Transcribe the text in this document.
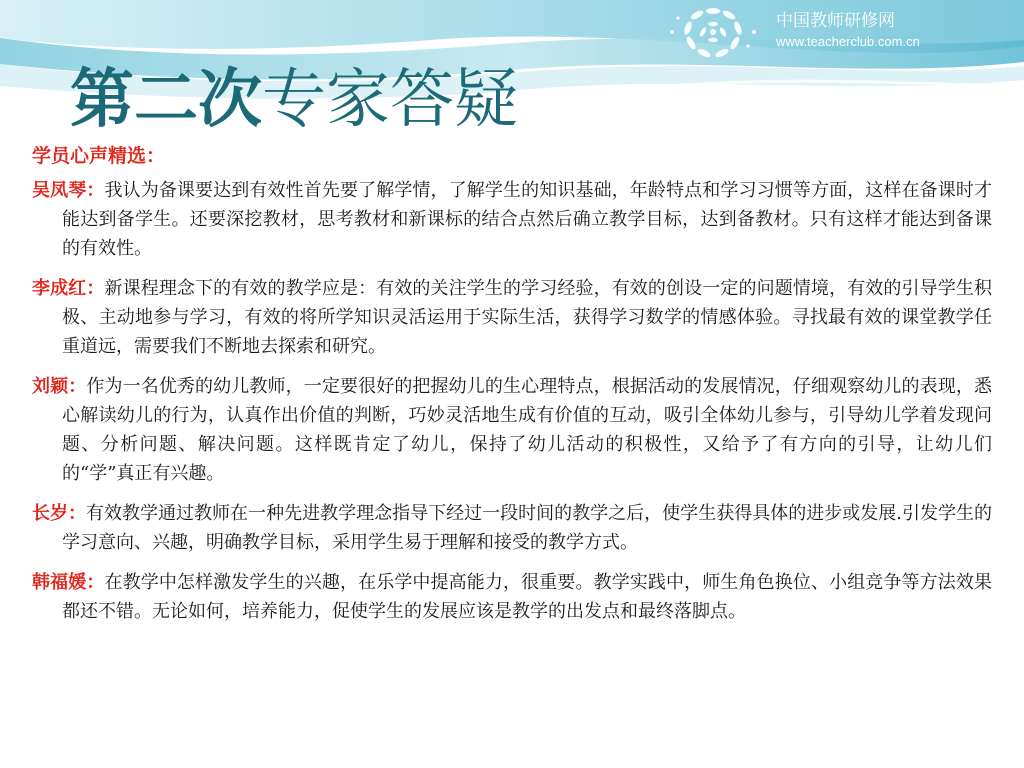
中国教师研修网
www.teacherclub.com.cn
第二次专家答疑

学员心声精选：

吴凤琴：我认为备课要达到有效性首先要了解学情，了解学生的知识基础，年龄特点和学习习惯等方面，这样在备课时才能达到备学生。还要深挖教材，思考教材和新课标的结合点然后确立教学目标，达到备教材。只有这样才能达到备课的有效性。

李成红：新课程理念下的有效的教学应是：有效的关注学生的学习经验，有效的创设一定的问题情境，有效的引导学生积极、主动地参与学习，有效的将所学知识灵活运用于实际生活，获得学习数学的情感体验。寻找最有效的课堂教学任重道远，需要我们不断地去探索和研究。

刘颖：作为一名优秀的幼儿教师，一定要很好的把握幼儿的生心理特点，根据活动的发展情况，仔细观察幼儿的表现，悉心解读幼儿的行为，认真作出价值的判断，巧妙灵活地生成有价值的互动，吸引全体幼儿参与，引导幼儿学着发现问题、分析问题、解决问题。这样既肯定了幼儿，保持了幼儿活动的积极性，又给予了有方向的引导，让幼儿们的“学”真正有兴趣。

长岁：有效教学通过教师在一种先进教学理念指导下经过一段时间的教学之后，使学生获得具体的进步或发展.引发学生的学习意向、兴趣，明确教学目标，采用学生易于理解和接受的教学方式。

韩福媛：在教学中怎样激发学生的兴趣，在乐学中提高能力，很重要。教学实践中，师生角色换位、小组竞争等方法效果都还不错。无论如何，培养能力，促使学生的发展应该是教学的出发点和最终落脚点。
